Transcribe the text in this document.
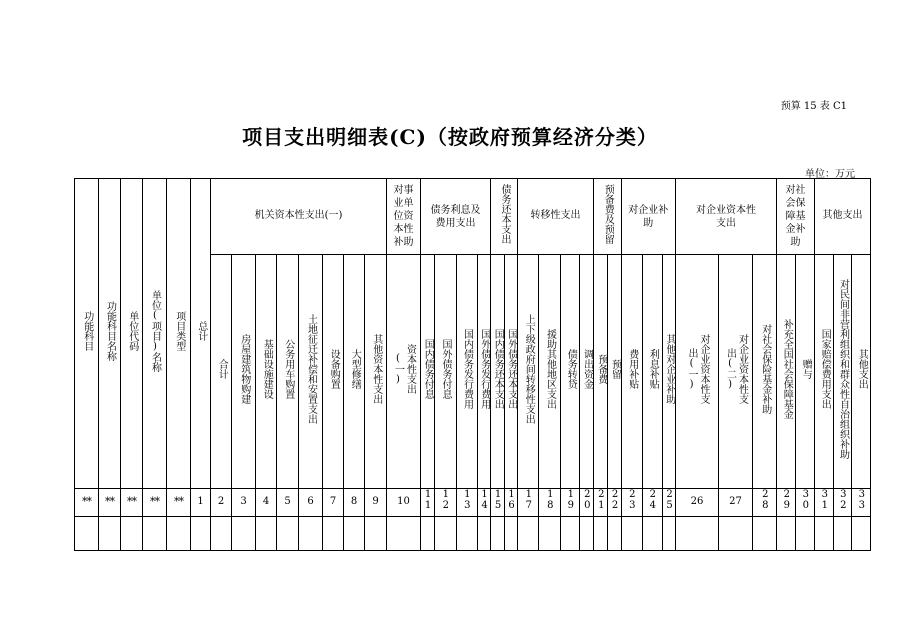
预算 15 表 C1
项目支出明细表(C)（按政府预算经济分类）
单位：万元
功能科目	功能科目名称	单位代码	单位(项目)名称	项目类型	总计	机关资本性支出(一)								对事业单位资本性补助	债务利息及费用支出				债务还本支出		转移性支出				预备费及预留		对企业补助			对企业资本性支出			对社会保障基金补助		其他支出		
						合计	房屋建筑物购建	基础设施建设	公务用车购置	土地征迁补偿和安置支出	设备购置	大型修缮	其他资本性支出	资本性支出(一)	国内债务付息	国外债务付息	国内债务发行费用	国外债务发行费用	国内债务还本支出	国外债务还本支出	上下级政府间转移性支出	援助其他地区支出	债务转贷	调出资金	预备费	预留	费用补贴	利息补贴	其他对企业补助	对企业资本性支出(一)	对企业资本性支出(二)	对社会保险基金补助	补充全国社会保障基金	赠与	国家赔偿费用支出	对民间非营利组织和群众性自治组织补助	其他支出
**	**	**	**	**	1	2	3	4	5	6	7	8	9	10	11	12	13	14	15	16	17	18	19	20	21	22	23	24	25	26	27	28	29	30	31	32	33
